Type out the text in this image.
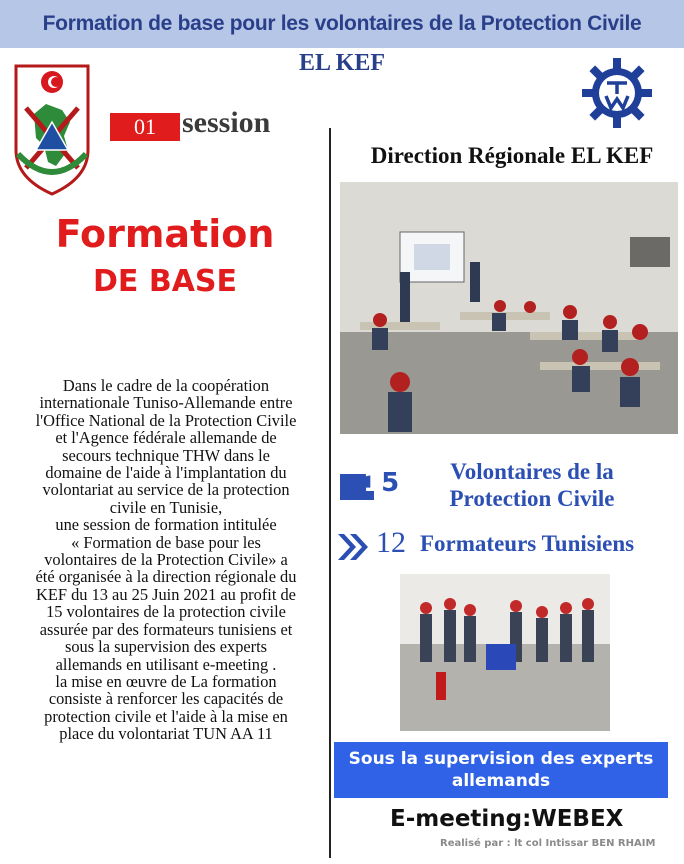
Formation de base pour les volontaires de la Protection Civile
EL KEF
01 session
Formation
DE BASE
Dans le cadre de la coopération
internationale Tuniso-Allemande entre
l'Office National de la Protection Civile
et l'Agence fédérale allemande de
secours technique THW dans le
domaine de l'aide à l'implantation du
volontariat au service de la protection
civile en Tunisie,
une session de formation intitulée
« Formation de base pour les
volontaires de la Protection Civile» a
été organisée à la direction régionale du
KEF du 13 au 25 Juin 2021 au profit de
15 volontaires de la protection civile
assurée par des formateurs tunisiens et
sous la supervision des experts
allemands en utilisant e-meeting .
la mise en œuvre de La formation
consiste à renforcer les capacités de
protection civile et l'aide à la mise en
place du volontariat TUN AA 11
Direction Régionale EL KEF
15	Volontaires de la
Protection Civile
12 Formateurs Tunisiens
Sous la supervision des experts
allemands
E-meeting:WEBEX
Realisé par : lt col Intissar BEN RHAIM
